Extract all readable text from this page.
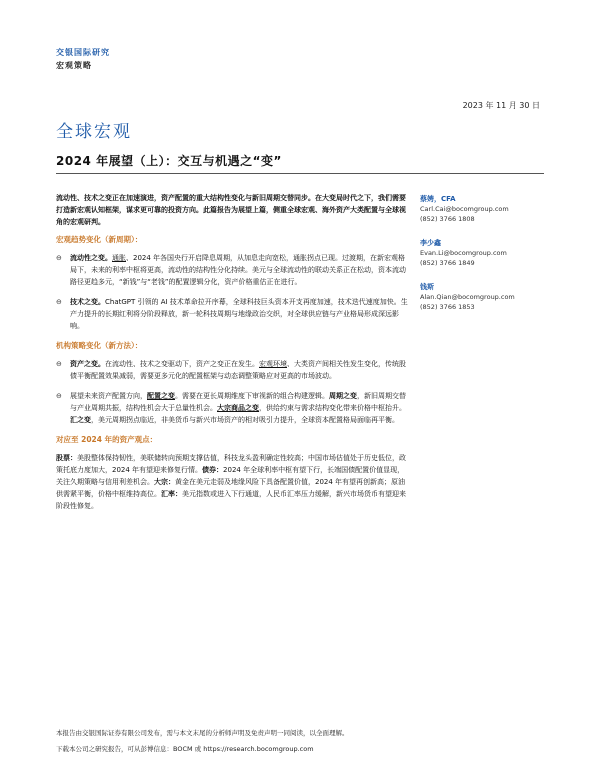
交银国际研究
宏观策略
2023 年 11 月 30 日
全球宏观
2024 年展望（上）：交互与机遇之“变”

流动性、技术之变正在加速演进，资产配置的重大结构性变化与新旧周期交替同步。在大变局时代之下，我们需要打造新宏观认知框架，谋求更可靠的投资方向。此篇报告为展望上篇，侧重全球宏观、海外资产大类配置与全球视角的宏观研判。

宏观趋势变化（新周期）：
⊖ 流动性之变。通胀、2024 年各国央行开启降息周期，从加息走向宽松，通胀拐点已现。过渡期，在新宏观格局下，未来的利率中枢将更高，流动性的结构性分化持续。美元与全球流动性的联动关系正在松动，资本流动路径更趋多元，“新钱”与“老钱”的配置逻辑分化，资产价格重估正在进行。
⊖ 技术之变。ChatGPT 引领的 AI 技术革命拉开序幕，全球科技巨头资本开支再度加速，技术迭代速度加快。生产力提升的长期红利将分阶段释放，新一轮科技周期与地缘政治交织，对全球供应链与产业格局形成深远影响。
机构策略变化（新方法）：
⊖ 资产之变。在流动性、技术之变驱动下，资产之变正在发生。宏观环境、大类资产间相关性发生变化，传统股债平衡配置效果减弱，需要更多元化的配置框架与动态调整策略应对更高的市场波动。
⊖ 展望未来资产配置方向，配置之变。需要在更长周期维度下审视新的组合构建逻辑。周期之变，新旧周期交替与产业周期共振，结构性机会大于总量性机会。大宗商品之变，供给约束与需求结构变化带来价格中枢抬升。汇之变，美元周期拐点临近，非美货币与新兴市场资产的相对吸引力提升，全球资本配置格局面临再平衡。
对应至 2024 年的资产观点：

股票：美股整体保持韧性，美联储转向预期支撑估值，科技龙头盈利确定性较高；中国市场估值处于历史低位，政策托底力度加大，2024 年有望迎来修复行情。债券：2024 年全球利率中枢有望下行，长端国债配置价值显现，关注久期策略与信用利差机会。大宗：黄金在美元走弱及地缘风险下具备配置价值，2024 年有望再创新高；原油供需紧平衡，价格中枢维持高位。汇率：美元指数或进入下行通道，人民币汇率压力缓解，新兴市场货币有望迎来阶段性修复。

蔡娉，CFA
Carl.Cai@bocomgroup.com
(852) 3766 1808
李少鑫
Evan.Li@bocomgroup.com
(852) 3766 1849
钱斯
Alan.Qian@bocomgroup.com
(852) 3766 1853
本报告由交银国际证券有限公司发布，需与本文末尾的分析师声明及免责声明一同阅读，以全面理解。
下载本公司之研究报告，可从彭博信息：BOCM 或 https://research.bocomgroup.com
